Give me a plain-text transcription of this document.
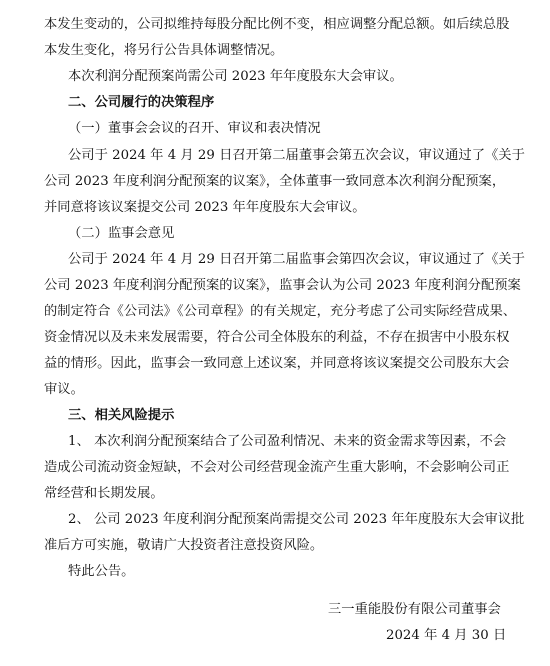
本发生变动的，公司拟维持每股分配比例不变，相应调整分配总额。如后续总股
本发生变化，将另行公告具体调整情况。
本次利润分配预案尚需公司 2023 年年度股东大会审议。
二、公司履行的决策程序
（一）董事会会议的召开、审议和表决情况
公司于 2024 年 4 月 29 日召开第二届董事会第五次会议，审议通过了《关于
公司 2023 年度利润分配预案的议案》，全体董事一致同意本次利润分配预案，
并同意将该议案提交公司 2023 年年度股东大会审议。
（二）监事会意见
公司于 2024 年 4 月 29 日召开第二届监事会第四次会议，审议通过了《关于
公司 2023 年度利润分配预案的议案》，监事会认为公司 2023 年度利润分配预案
的制定符合《公司法》《公司章程》的有关规定，充分考虑了公司实际经营成果、
资金情况以及未来发展需要，符合公司全体股东的利益，不存在损害中小股东权
益的情形。因此，监事会一致同意上述议案，并同意将该议案提交公司股东大会
审议。
三、相关风险提示
1、 本次利润分配预案结合了公司盈利情况、未来的资金需求等因素，不会
造成公司流动资金短缺，不会对公司经营现金流产生重大影响，不会影响公司正
常经营和长期发展。
2、 公司 2023 年度利润分配预案尚需提交公司 2023 年年度股东大会审议批
准后方可实施，敬请广大投资者注意投资风险。
特此公告。
三一重能股份有限公司董事会
2024 年 4 月 30 日
